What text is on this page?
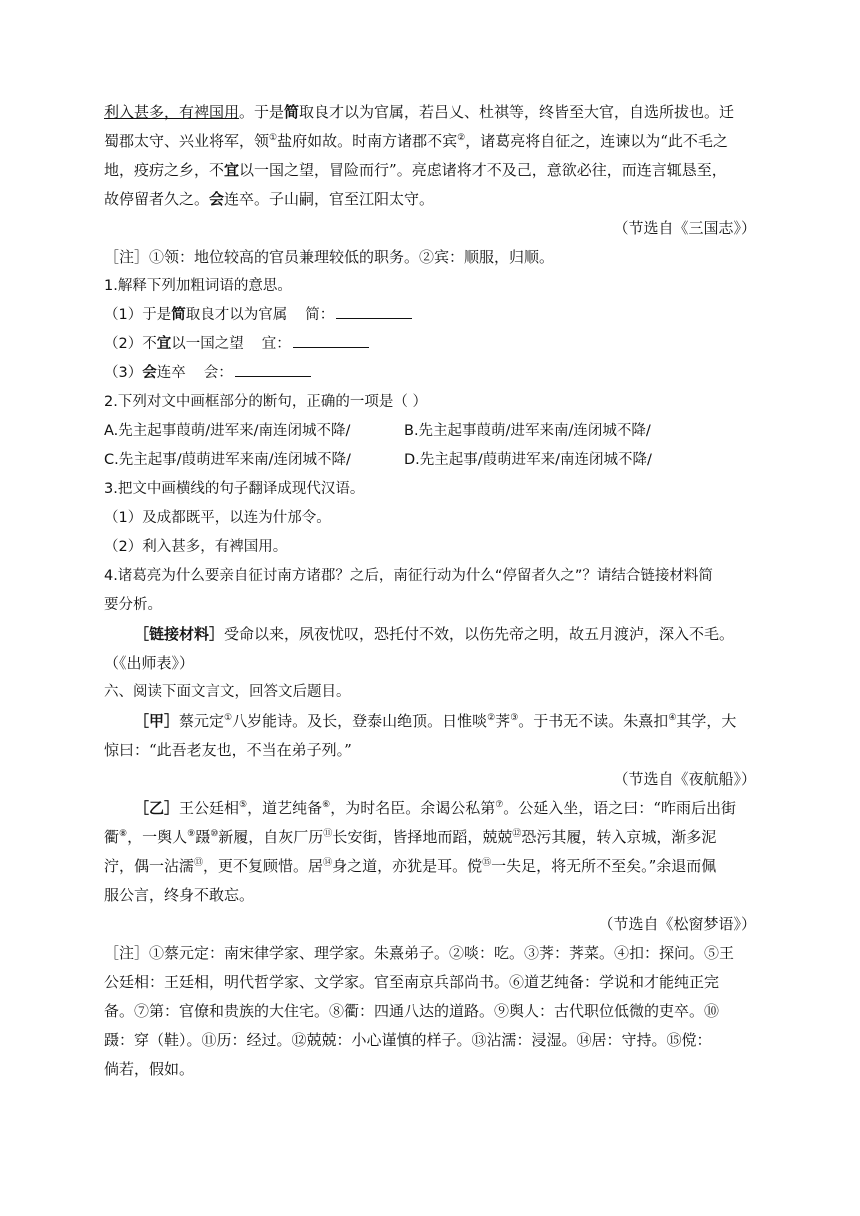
利入甚多，有裨国用。于是简取良才以为官属，若吕乂、杜祺等，终皆至大官，自选所拔也。迁
蜀郡太守、兴业将军，领①盐府如故。时南方诸郡不宾②，诸葛亮将自征之，连谏以为“此不毛之
地，疫疠之乡，不宜以一国之望，冒险而行”。亮虑诸将才不及己，意欲必往，而连言辄恳至，
故停留者久之。会连卒。子山嗣，官至江阳太守。
（节选自《三国志》）
［注］①领：地位较高的官员兼理较低的职务。②宾：顺服，归顺。
1.解释下列加粗词语的意思。
（1）于是简取良才以为官属 简：
（2）不宜以一国之望 宜：
（3）会连卒 会：
2.下列对文中画框部分的断句，正确的一项是（ ）
A.先主起事葭萌/进军来/南连闭城不降/	B.先主起事葭萌/进军来南/连闭城不降/
C.先主起事/葭萌进军来南/连闭城不降/	D.先主起事/葭萌进军来/南连闭城不降/
3.把文中画横线的句子翻译成现代汉语。
（1）及成都既平，以连为什邡令。
（2）利入甚多，有裨国用。
4.诸葛亮为什么要亲自征讨南方诸郡？之后，南征行动为什么“停留者久之”？请结合链接材料简
要分析。
［链接材料］受命以来，夙夜忧叹，恐托付不效，以伤先帝之明，故五月渡泸，深入不毛。
（《出师表》）
六、阅读下面文言文，回答文后题目。
［甲］蔡元定①八岁能诗。及长，登泰山绝顶。日惟啖②荠③。于书无不读。朱熹扣④其学，大
惊曰：“此吾老友也，不当在弟子列。”
（节选自《夜航船》）
［乙］王公廷相⑤，道艺纯备⑥，为时名臣。余谒公私第⑦。公延入坐，语之曰：“昨雨后出街
衢⑧，一舆人⑨蹑⑩新履，自灰厂历⑪长安街，皆择地而蹈，兢兢⑫恐污其履，转入京城，渐多泥
泞，偶一沾濡⑬，更不复顾惜。居⑭身之道，亦犹是耳。傥⑮一失足，将无所不至矣。”余退而佩
服公言，终身不敢忘。
（节选自《松窗梦语》）
［注］①蔡元定：南宋律学家、理学家。朱熹弟子。②啖：吃。③荠：荠菜。④扣：探问。⑤王
公廷相：王廷相，明代哲学家、文学家。官至南京兵部尚书。⑥道艺纯备：学说和才能纯正完
备。⑦第：官僚和贵族的大住宅。⑧衢：四通八达的道路。⑨舆人：古代职位低微的吏卒。⑩
蹑：穿（鞋）。⑪历：经过。⑫兢兢：小心谨慎的样子。⑬沾濡：浸湿。⑭居：守持。⑮傥：
倘若，假如。
